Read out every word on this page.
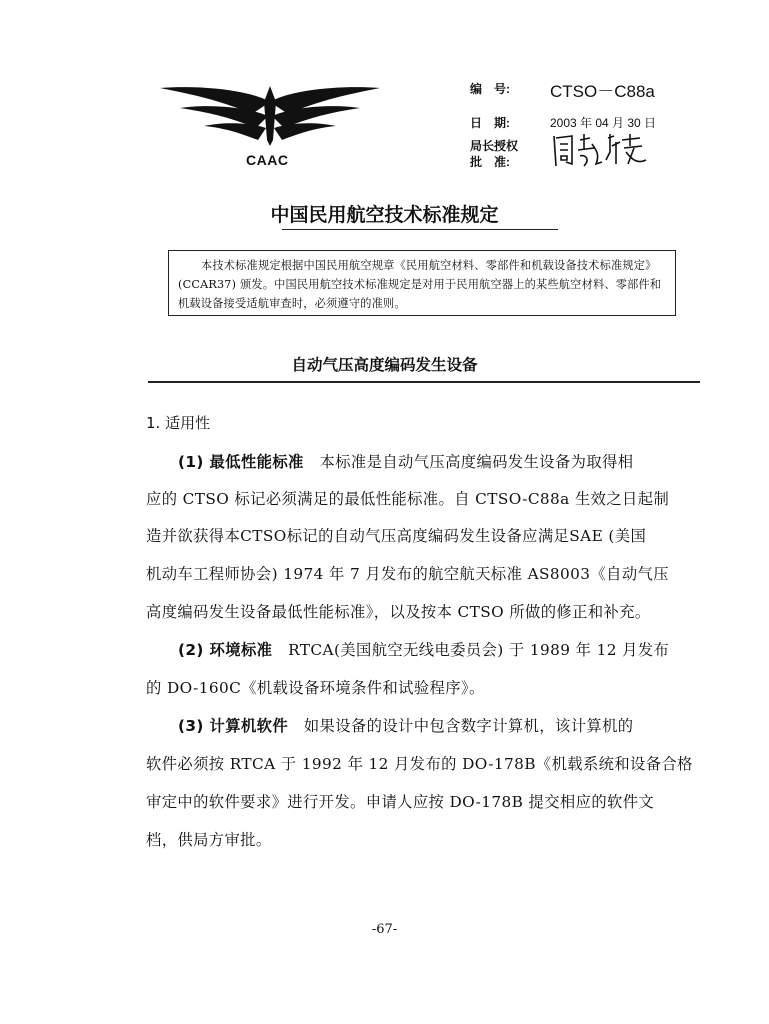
CAAC
编　号: CTSO－C88a
日　期:	2003 年 04 月 30 日
局长授权
批　准:
中国民用航空技术标准规定
本技术标准规定根据中国民用航空规章《民用航空材料、零部件和机载设备技术标准规定》(CCAR37) 颁发。中国民用航空技术标准规定是对用于民用航空器上的某些航空材料、零部件和机载设备接受适航审查时，必须遵守的准则。
自动气压高度编码发生设备
1. 适用性
(1) 最低性能标准 本标准是自动气压高度编码发生设备为取得相
应的 CTSO 标记必须满足的最低性能标准。自 CTSO-C88a 生效之日起制
造并欲获得本CTSO标记的自动气压高度编码发生设备应满足SAE (美国
机动车工程师协会) 1974 年 7 月发布的航空航天标准 AS8003《自动气压
高度编码发生设备最低性能标准》，以及按本 CTSO 所做的修正和补充。
(2) 环境标准 RTCA(美国航空无线电委员会) 于 1989 年 12 月发布
的 DO-160C《机载设备环境条件和试验程序》。
(3) 计算机软件 如果设备的设计中包含数字计算机，该计算机的
软件必须按 RTCA 于 1992 年 12 月发布的 DO-178B《机载系统和设备合格
审定中的软件要求》进行开发。申请人应按 DO-178B 提交相应的软件文
档，供局方审批。
-67-
